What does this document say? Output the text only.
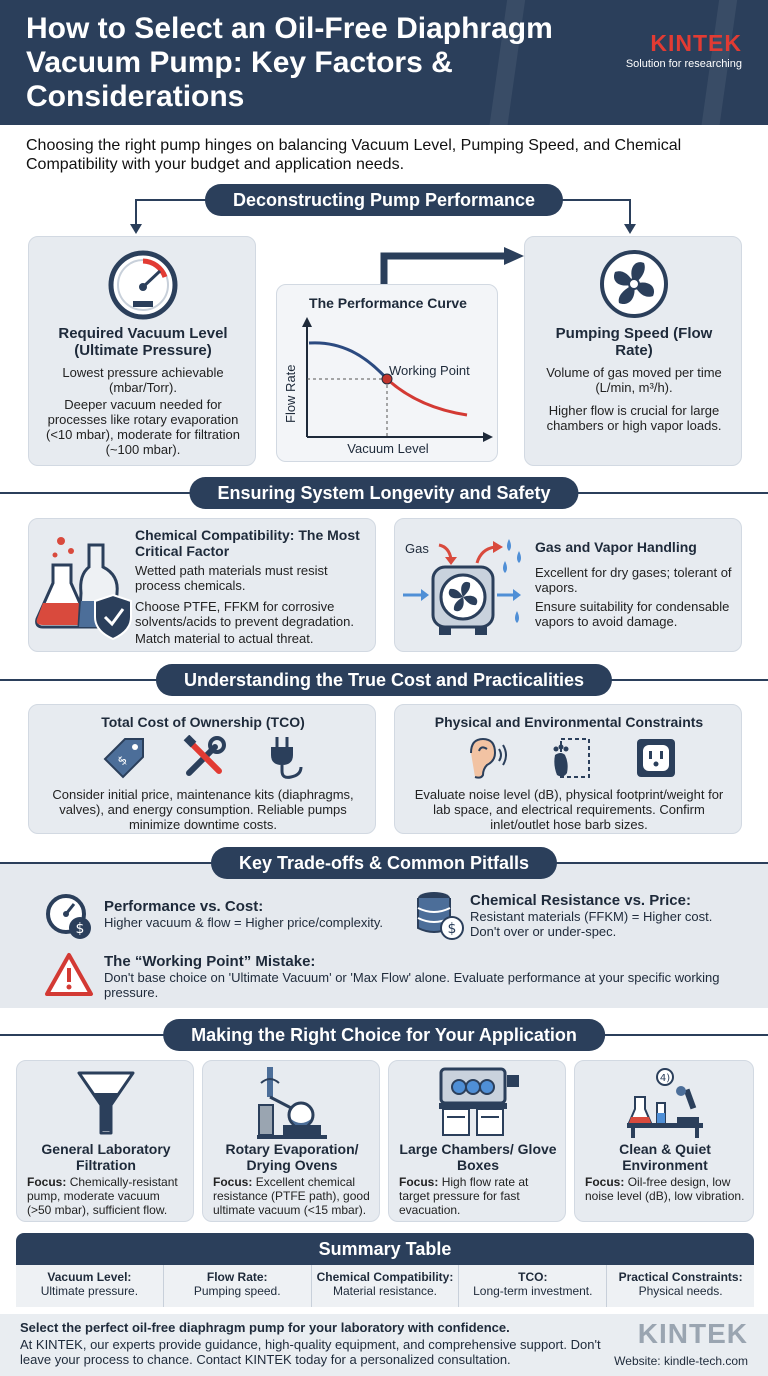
How to Select an Oil-Free Diaphragm Vacuum Pump: Key Factors & Considerations
KINTEK
Solution for researching
Choosing the right pump hinges on balancing Vacuum Level, Pumping Speed, and Chemical Compatibility with your budget and application needs.
Deconstructing Pump Performance
Required Vacuum Level (Ultimate Pressure)
Lowest pressure achievable (mbar/Torr).
Deeper vacuum needed for processes like rotary evaporation (<10 mbar), moderate for filtration (~100 mbar).
The Performance Curve
Flow Rate	Working Point
Vacuum Level
Pumping Speed (Flow Rate)
Volume of gas moved per time (L/min, m³/h).
Higher flow is crucial for large chambers or high vapor loads.
Ensuring System Longevity and Safety
Chemical Compatibility: The Most Critical Factor
Wetted path materials must resist process chemicals.
Choose PTFE, FFKM for corrosive solvents/acids to prevent degradation.
Match material to actual threat.
Gas	Gas and Vapor Handling
Excellent for dry gases; tolerant of vapors.
Ensure suitability for condensable vapors to avoid damage.
Understanding the True Cost and Practicalities
Total Cost of Ownership (TCO)
$
Consider initial price, maintenance kits (diaphragms, valves), and energy consumption. Reliable pumps minimize downtime costs.
Physical and Environmental Constraints
Evaluate noise level (dB), physical footprint/weight for lab space, and electrical requirements. Confirm inlet/outlet hose barb sizes.
Key Trade-offs & Common Pitfalls
$
Performance vs. Cost:
Higher vacuum & flow = Higher price/complexity.	$
Chemical Resistance vs. Price:
Resistant materials (FFKM) = Higher cost. Don't over or under-spec.
The “Working Point” Mistake:
Don't base choice on 'Ultimate Vacuum' or 'Max Flow' alone. Evaluate performance at your specific working pressure.
Making the Right Choice for Your Application
General Laboratory Filtration
Focus: Chemically-resistant pump, moderate vacuum (>50 mbar), sufficient flow.
Rotary Evaporation/ Drying Ovens
Focus: Excellent chemical resistance (PTFE path), good ultimate vacuum (<15 mbar).
Large Chambers/ Glove Boxes
Focus: High flow rate at target pressure for fast evacuation.
4)
Clean & Quiet Environment
Focus: Oil-free design, low noise level (dB), low vibration.
Summary Table
Vacuum Level:
Ultimate pressure.
Flow Rate:
Pumping speed.
Chemical Compatibility:
Material resistance.
TCO:
Long-term investment.
Practical Constraints:
Physical needs.
Select the perfect oil-free diaphragm pump for your laboratory with confidence.
At KINTEK, our experts provide guidance, high-quality equipment, and comprehensive support. Don't leave your process to chance. Contact KINTEK today for a personalized consultation.
KINTEK
Website: kindle-tech.com
